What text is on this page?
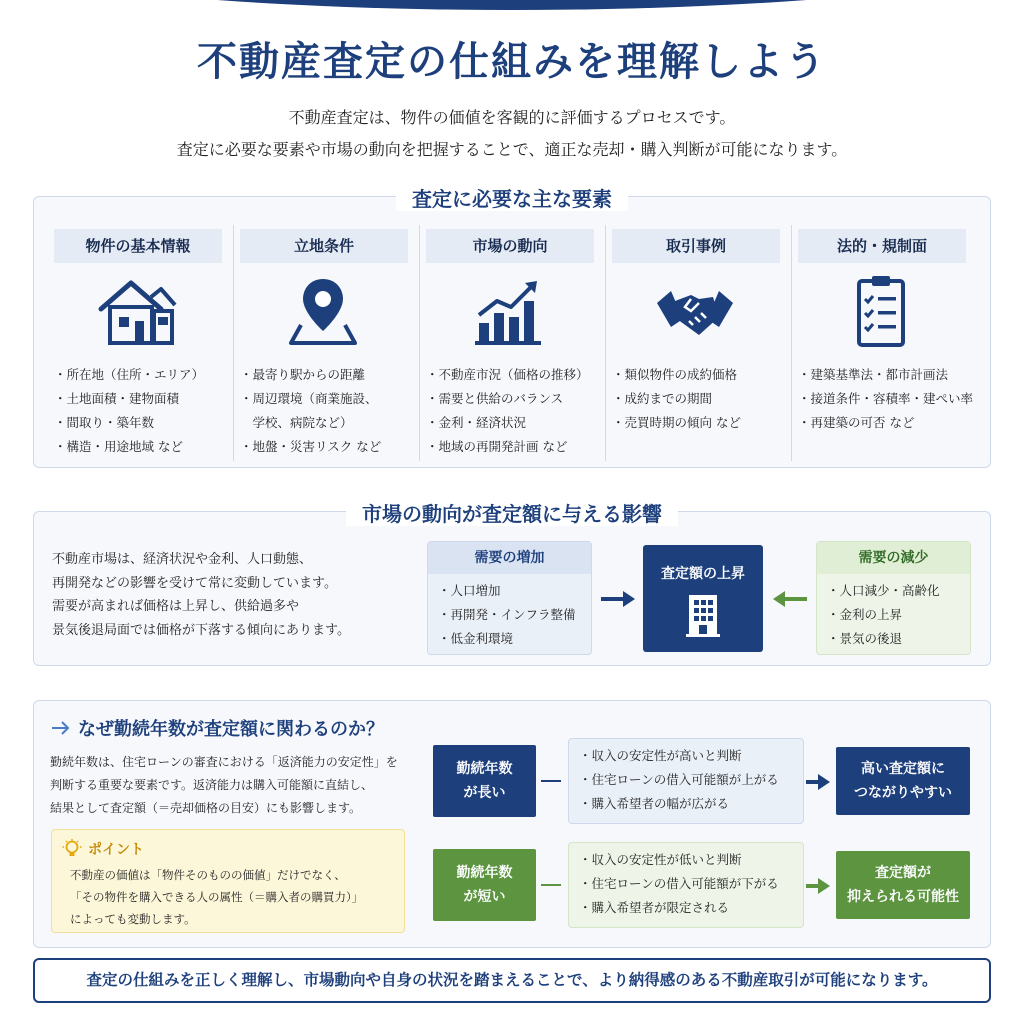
不動産査定の仕組みを理解しよう
不動産査定は、物件の価値を客観的に評価するプロセスです。
査定に必要な要素や市場の動向を把握することで、適正な売却・購入判断が可能になります。
査定に必要な主な要素
物件の基本情報
・ 所在地（住所・エリア）
・ 土地面積・建物面積
・ 間取り・築年数
・ 構造・用途地域 など
立地条件
・ 最寄り駅からの距離
・ 周辺環境（商業施設、
学校、病院など）
・ 地盤・災害リスク など
市場の動向
・ 不動産市況（価格の推移）
・ 需要と供給のバランス
・ 金利・経済状況
・ 地域の再開発計画 など
取引事例
・ 類似物件の成約価格
・ 成約までの期間
・ 売買時期の傾向 など
法的・規制面
・ 建築基準法・都市計画法
・ 接道条件・容積率・建ぺい率
・ 再建築の可否 など
市場の動向が査定額に与える影響
不動産市場は、経済状況や金利、人口動態、
再開発などの影響を受けて常に変動しています。
需要が高まれば価格は上昇し、供給過多や
景気後退局面では価格が下落する傾向にあります。
需要の増加
・ 人口増加
・ 再開発・インフラ整備
・ 低金利環境
査定額の上昇
需要の減少
・ 人口減少・高齢化
・ 金利の上昇
・ 景気の後退
なぜ勤続年数が査定額に関わるのか？
勤続年数は、住宅ローンの審査における「返済能力の安定性」を
判断する重要な要素です。返済能力は購入可能額に直結し、
結果として査定額（＝売却価格の目安）にも影響します。
ポイント
不動産の価値は「物件そのものの価値」だけでなく、
「その物件を購入できる人の属性（＝購入者の購買力）」
によっても変動します。
勤続年数
が長い
・ 収入の安定性が高いと判断
・ 住宅ローンの借入可能額が上がる
・ 購入希望者の幅が広がる
高い査定額に
つながりやすい
勤続年数
が短い
・ 収入の安定性が低いと判断
・ 住宅ローンの借入可能額が下がる
・ 購入希望者が限定される
査定額が
抑えられる可能性
査定の仕組みを正しく理解し、市場動向や自身の状況を踏まえることで、より納得感のある不動産取引が可能になります。
